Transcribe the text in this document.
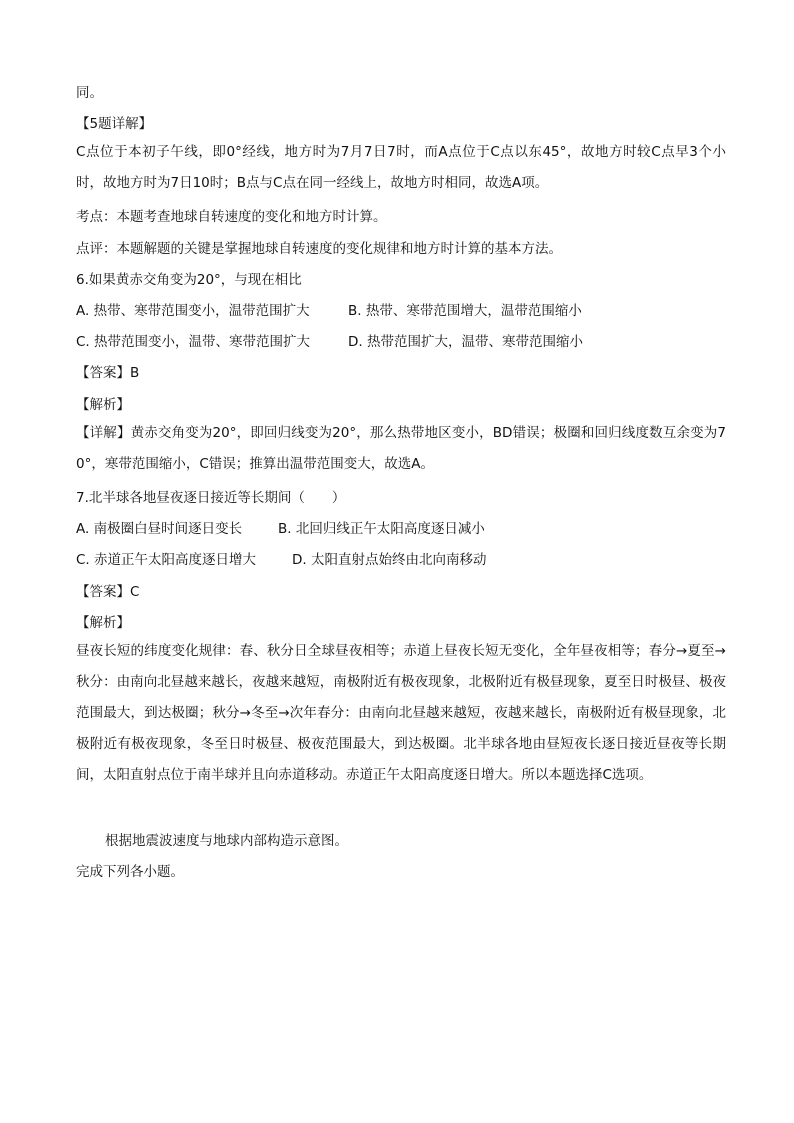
同。
【5题详解】
C点位于本初子午线，即0°经线，地方时为7月7日7时，而A点位于C点以东45°，故地方时较C点早3个小时，故地方时为7日10时；B点与C点在同一经线上，故地方时相同，故选A项。
考点：本题考查地球自转速度的变化和地方时计算。
点评：本题解题的关键是掌握地球自转速度的变化规律和地方时计算的基本方法。
6.如果黄赤交角变为20°，与现在相比
A. 热带、寒带范围变小，温带范围扩大	B. 热带、寒带范围增大，温带范围缩小
C. 热带范围变小，温带、寒带范围扩大	D. 热带范围扩大，温带、寒带范围缩小
【答案】B
【解析】
【详解】黄赤交角变为20°，即回归线变为20°，那么热带地区变小，BD错误；极圈和回归线度数互余变为70°，寒带范围缩小，C错误；推算出温带范围变大，故选A。
7.北半球各地昼夜逐日接近等长期间（　　）
A. 南极圈白昼时间逐日变长	B. 北回归线正午太阳高度逐日减小
C. 赤道正午太阳高度逐日增大	D. 太阳直射点始终由北向南移动
【答案】C
【解析】
昼夜长短的纬度变化规律：春、秋分日全球昼夜相等；赤道上昼夜长短无变化，全年昼夜相等；春分→夏至→秋分：由南向北昼越来越长，夜越来越短，南极附近有极夜现象，北极附近有极昼现象，夏至日时极昼、极夜范围最大，到达极圈；秋分→冬至→次年春分：由南向北昼越来越短，夜越来越长，南极附近有极昼现象，北极附近有极夜现象，冬至日时极昼、极夜范围最大，到达极圈。北半球各地由昼短夜长逐日接近昼夜等长期间，太阳直射点位于南半球并且向赤道移动。赤道正午太阳高度逐日增大。所以本题选择C选项。
根据地震波速度与地球内部构造示意图。
完成下列各小题。
